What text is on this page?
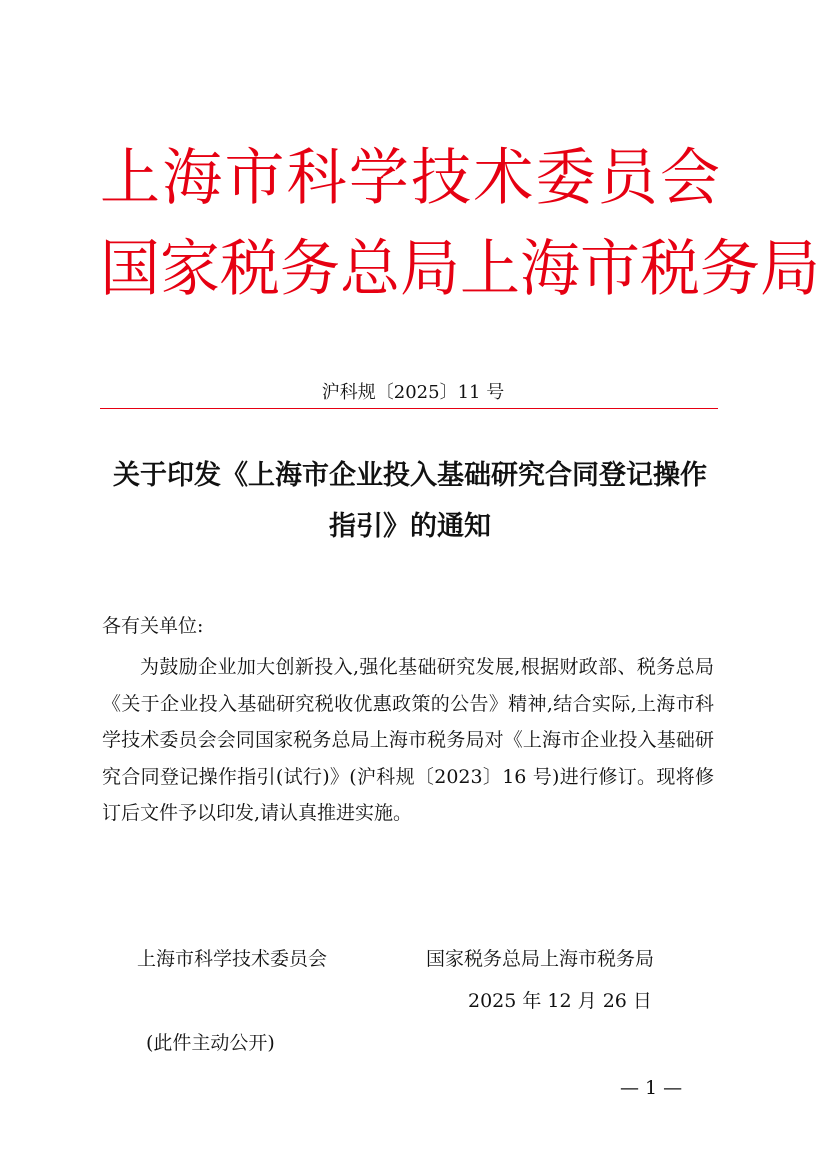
上海市科学技术委员会
国家税务总局上海市税务局
沪科规〔2025〕11 号
关于印发《上海市企业投入基础研究合同登记操作指引》的通知
各有关单位:

为鼓励企业加大创新投入,强化基础研究发展,根据财政部、税务总局《关于企业投入基础研究税收优惠政策的公告》精神,结合实际,上海市科学技术委员会会同国家税务总局上海市税务局对《上海市企业投入基础研究合同登记操作指引(试行)》(沪科规〔2023〕16 号)进行修订。现将修订后文件予以印发,请认真推进实施。

上海市科学技术委员会	国家税务总局上海市税务局
2025 年 12 月 26 日
(此件主动公开)
— 1 —
